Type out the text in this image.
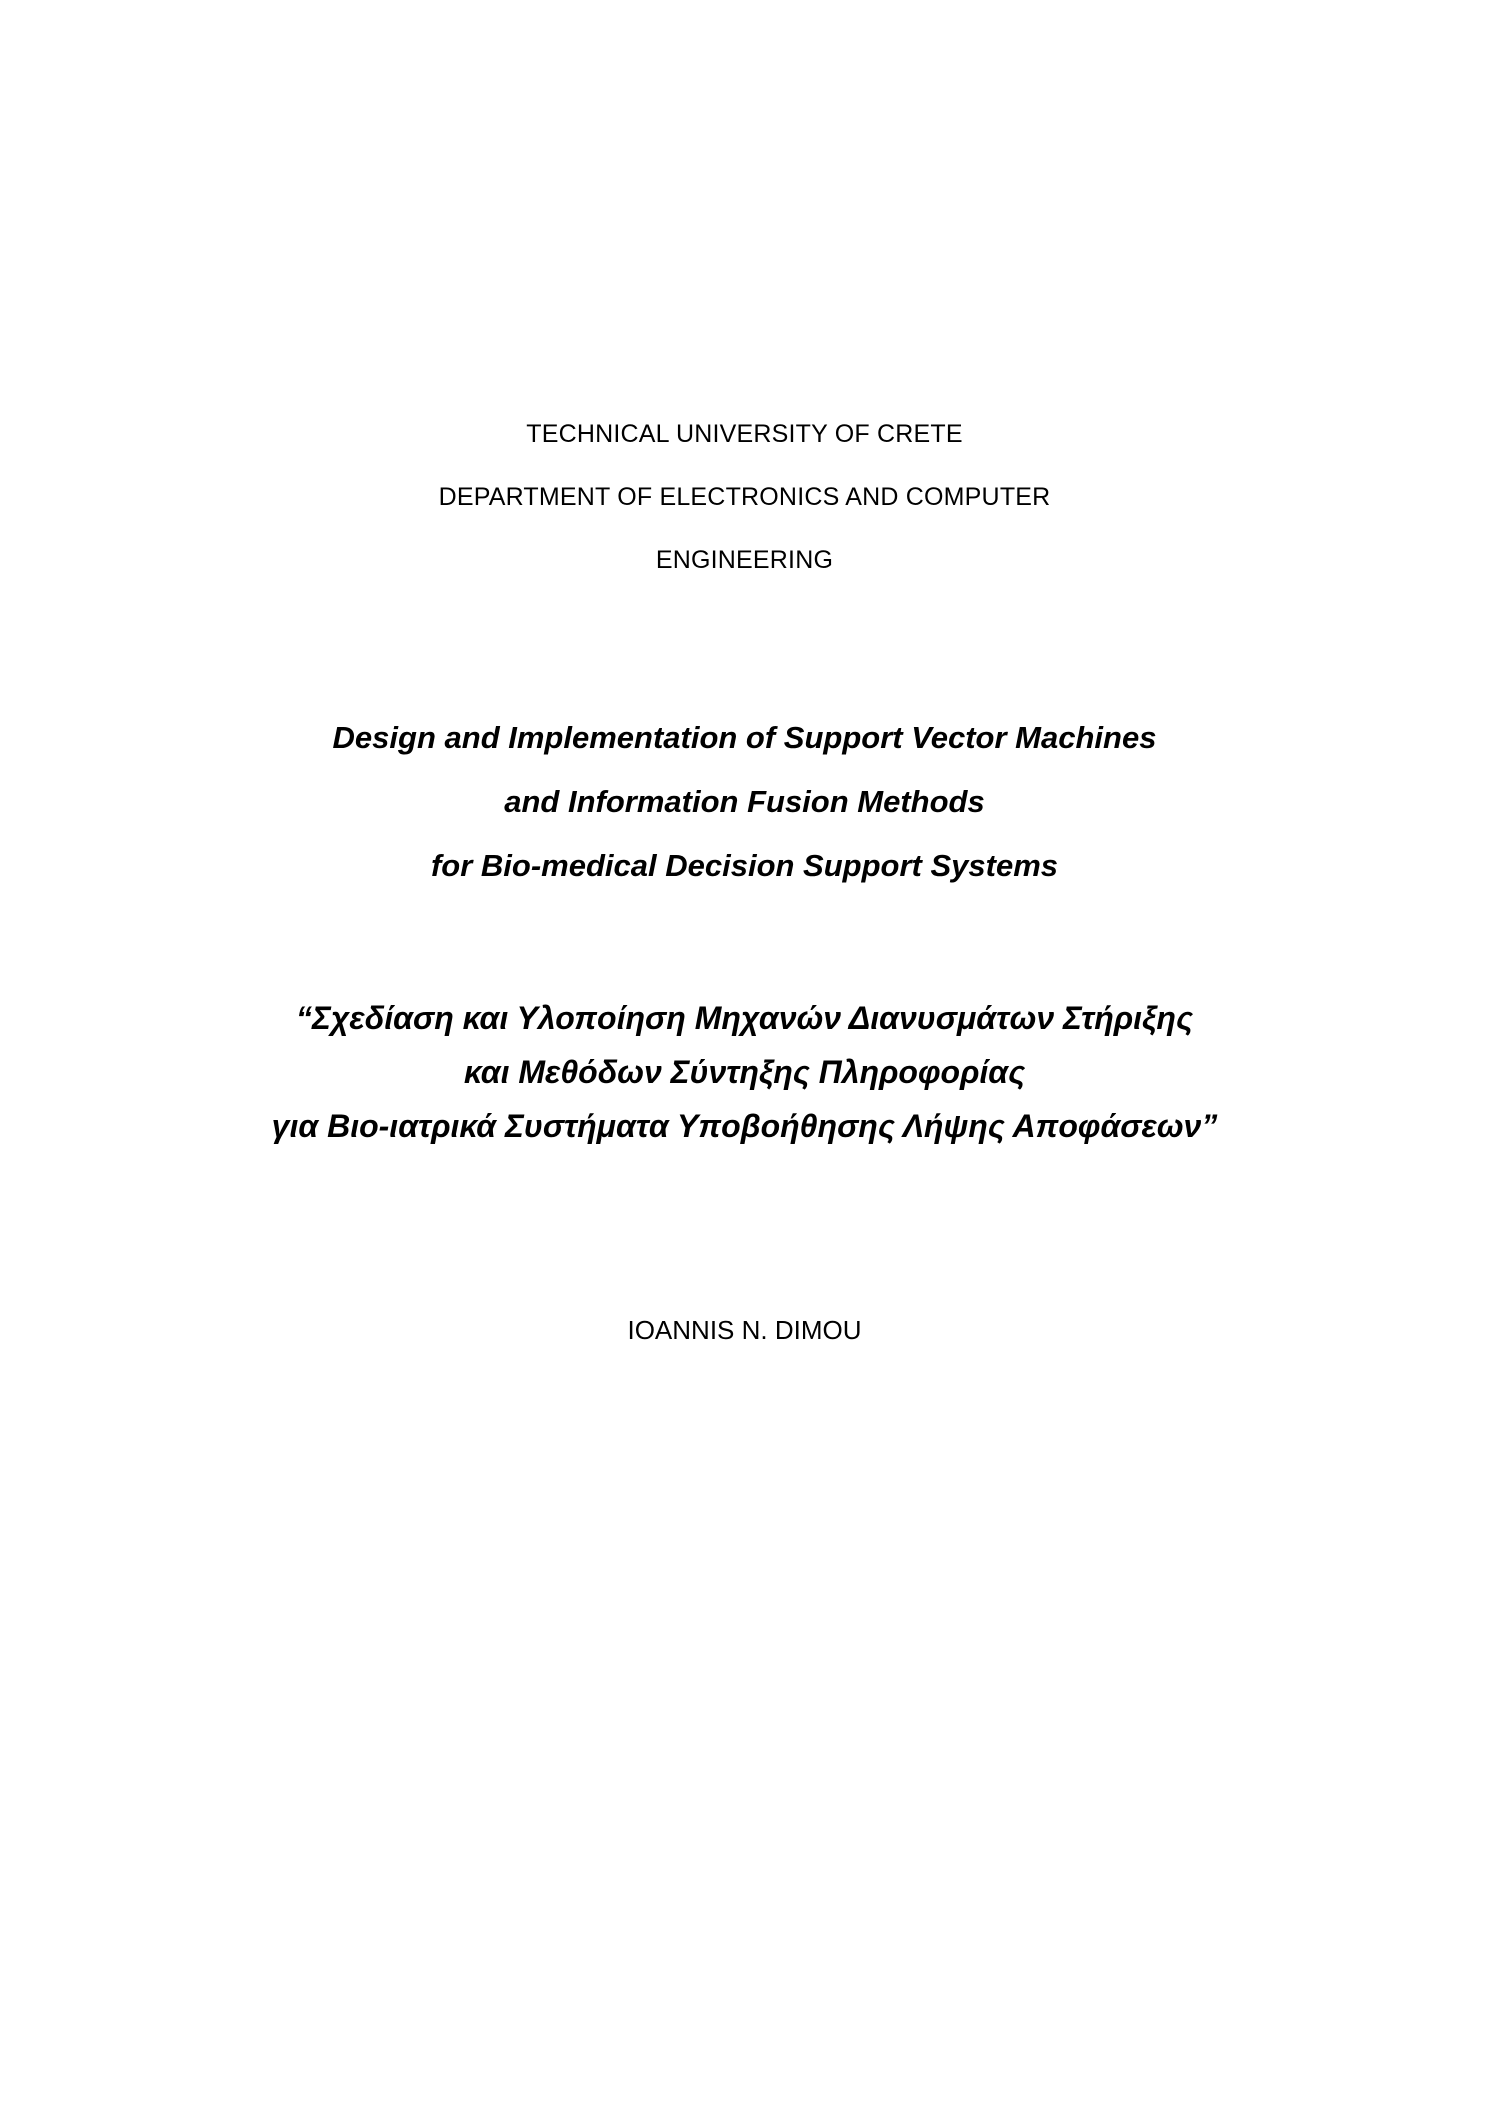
TECHNICAL UNIVERSITY OF CRETE
DEPARTMENT OF ELECTRONICS AND COMPUTER
ENGINEERING
Design and Implementation of Support Vector Machines
and Information Fusion Methods
for Bio-medical Decision Support Systems
“Σχεδίαση και Υλοποίηση Μηχανών Διανυσμάτων Στήριξης
και Μεθόδων Σύντηξης Πληροφορίας
για Βιο-ιατρικά Συστήματα Υποβοήθησης Λήψης Αποφάσεων”
IOANNIS N. DIMOU
